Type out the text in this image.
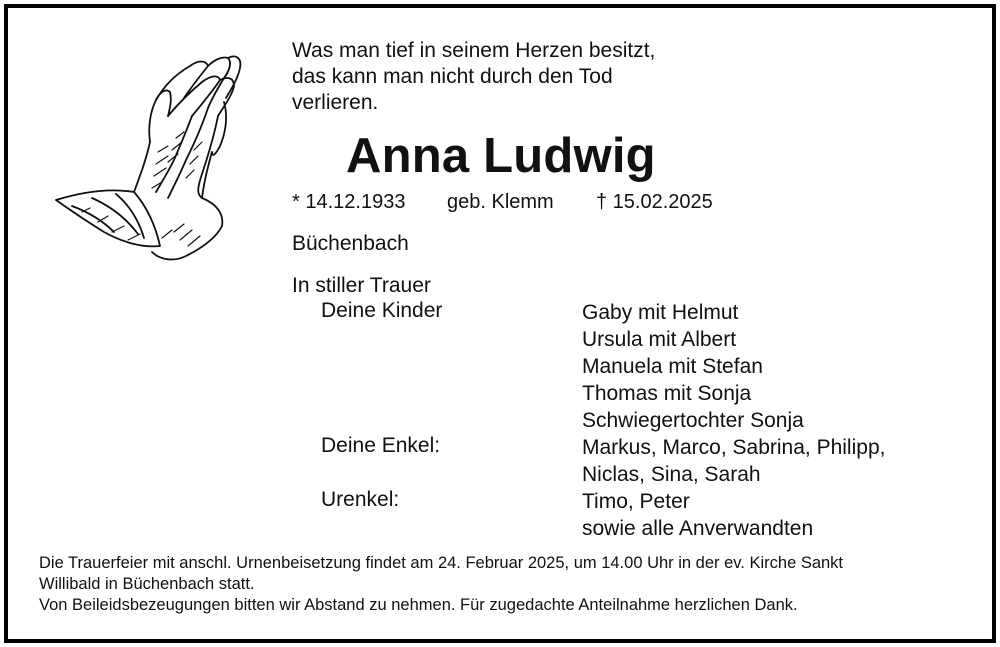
Was man tief in seinem Herzen besitzt,
das kann man nicht durch den Tod
verlieren.
Anna Ludwig
* 14.12.1933 geb. Klemm † 15.02.2025
Büchenbach
In stiller Trauer
Deine Kinder	Gaby mit Helmut
Ursula mit Albert
Manuela mit Stefan
Thomas mit Sonja
Schwiegertochter Sonja
Deine Enkel:	Markus, Marco, Sabrina, Philipp,
Niclas, Sina, Sarah
Urenkel:	Timo, Peter
sowie alle Anverwandten
Die Trauerfeier mit anschl. Urnenbeisetzung findet am 24. Februar 2025, um 14.00 Uhr in der ev. Kirche Sankt
Willibald in Büchenbach statt.
Von Beileidsbezeugungen bitten wir Abstand zu nehmen. Für zugedachte Anteilnahme herzlichen Dank.
